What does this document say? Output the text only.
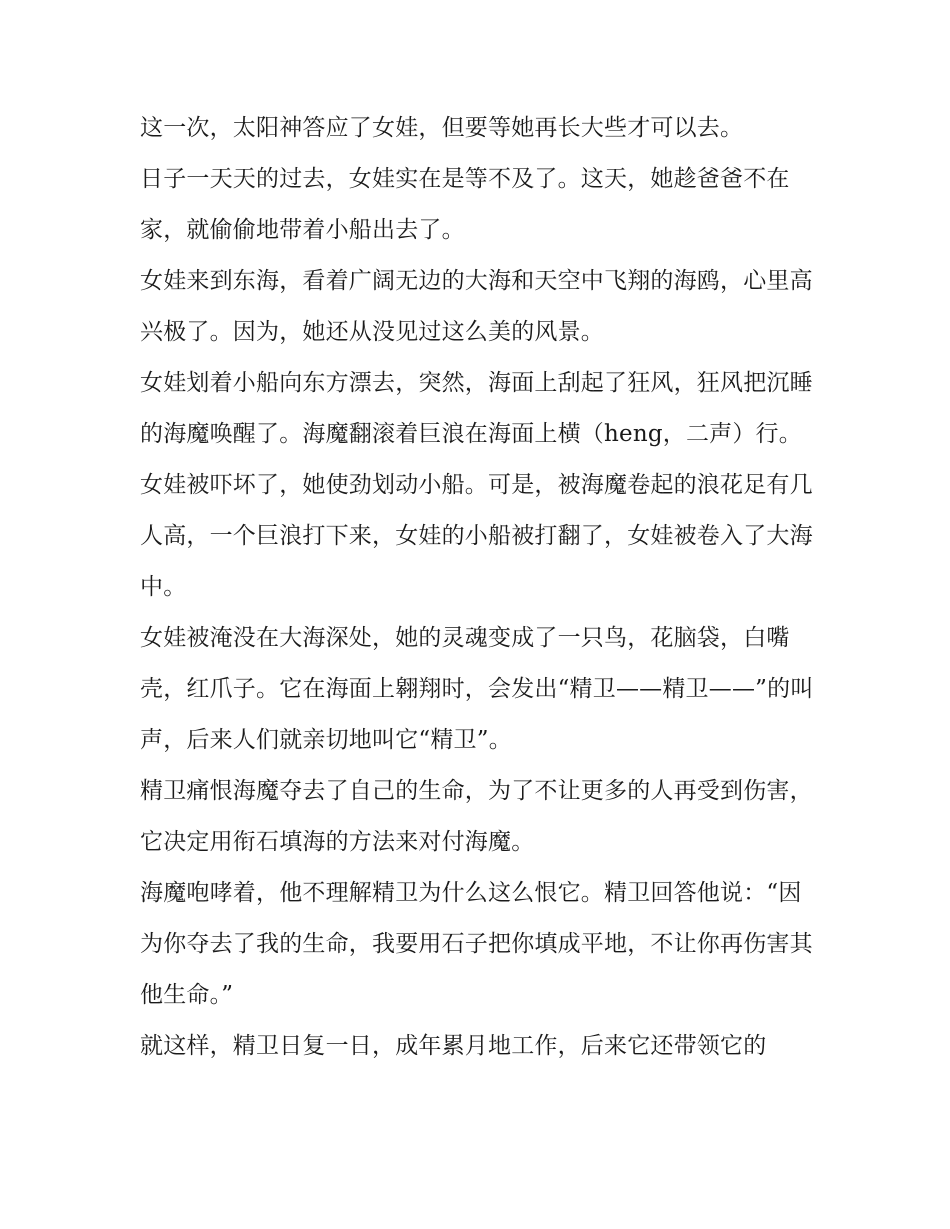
这一次，太阳神答应了女娃，但要等她再长大些才可以去。

日子一天天的过去，女娃实在是等不及了。这天，她趁爸爸不在家，就偷偷地带着小船出去了。

女娃来到东海，看着广阔无边的大海和天空中飞翔的海鸥，心里高兴极了。因为，她还从没见过这么美的风景。

女娃划着小船向东方漂去，突然，海面上刮起了狂风，狂风把沉睡的海魔唤醒了。海魔翻滚着巨浪在海面上横（heng，二声）行。

女娃被吓坏了，她使劲划动小船。可是，被海魔卷起的浪花足有几人高，一个巨浪打下来，女娃的小船被打翻了，女娃被卷入了大海中。

女娃被淹没在大海深处，她的灵魂变成了一只鸟，花脑袋，白嘴壳，红爪子。它在海面上翱翔时，会发出“精卫——精卫——”的叫声，后来人们就亲切地叫它“精卫”。

精卫痛恨海魔夺去了自己的生命，为了不让更多的人再受到伤害，它决定用衔石填海的方法来对付海魔。

海魔咆哮着，他不理解精卫为什么这么恨它。精卫回答他说：“因为你夺去了我的生命，我要用石子把你填成平地，不让你再伤害其他生命。”

就这样，精卫日复一日，成年累月地工作，后来它还带领它的
